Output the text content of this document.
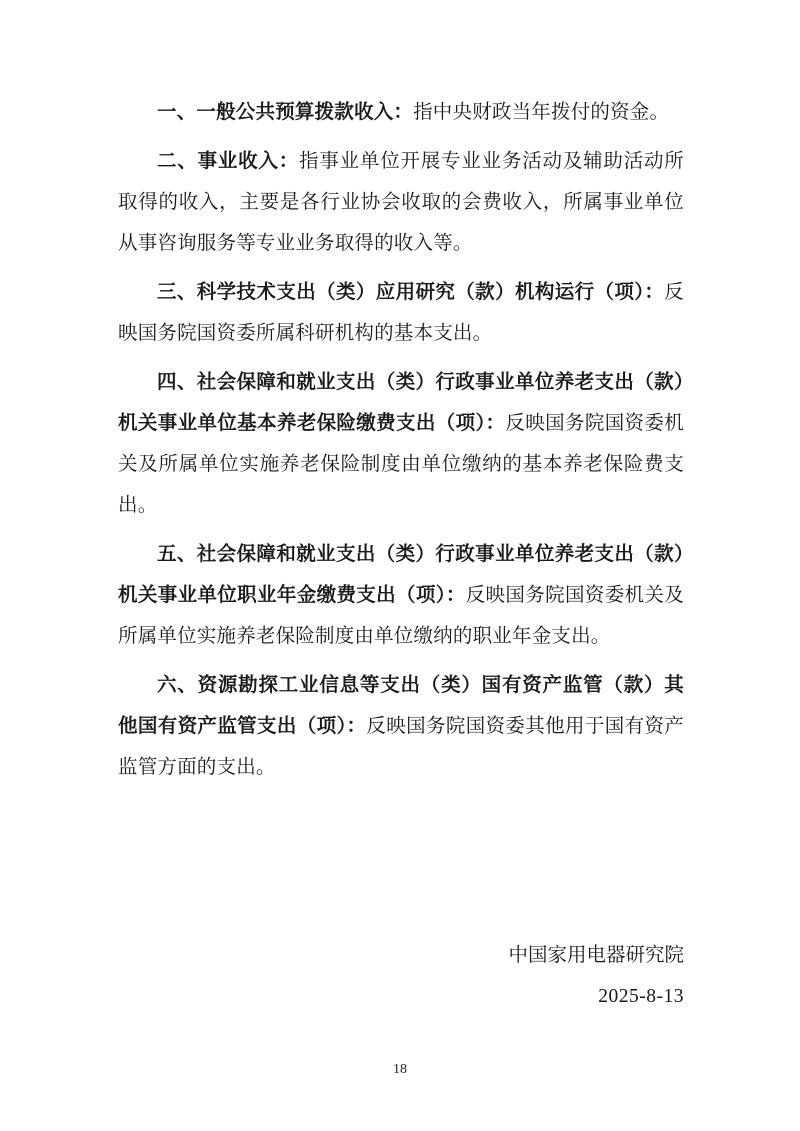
一、一般公共预算拨款收入：指中央财政当年拨付的资金。

二、事业收入：指事业单位开展专业业务活动及辅助活动所取得的收入，主要是各行业协会收取的会费收入，所属事业单位从事咨询服务等专业业务取得的收入等。

三、科学技术支出（类）应用研究（款）机构运行（项）：反映国务院国资委所属科研机构的基本支出。

四、社会保障和就业支出（类）行政事业单位养老支出（款）机关事业单位基本养老保险缴费支出（项）：反映国务院国资委机关及所属单位实施养老保险制度由单位缴纳的基本养老保险费支出。

五、社会保障和就业支出（类）行政事业单位养老支出（款）机关事业单位职业年金缴费支出（项）：反映国务院国资委机关及所属单位实施养老保险制度由单位缴纳的职业年金支出。

六、资源勘探工业信息等支出（类）国有资产监管（款）其他国有资产监管支出（项）：反映国务院国资委其他用于国有资产监管方面的支出。

中国家用电器研究院
2025-8-13
18
